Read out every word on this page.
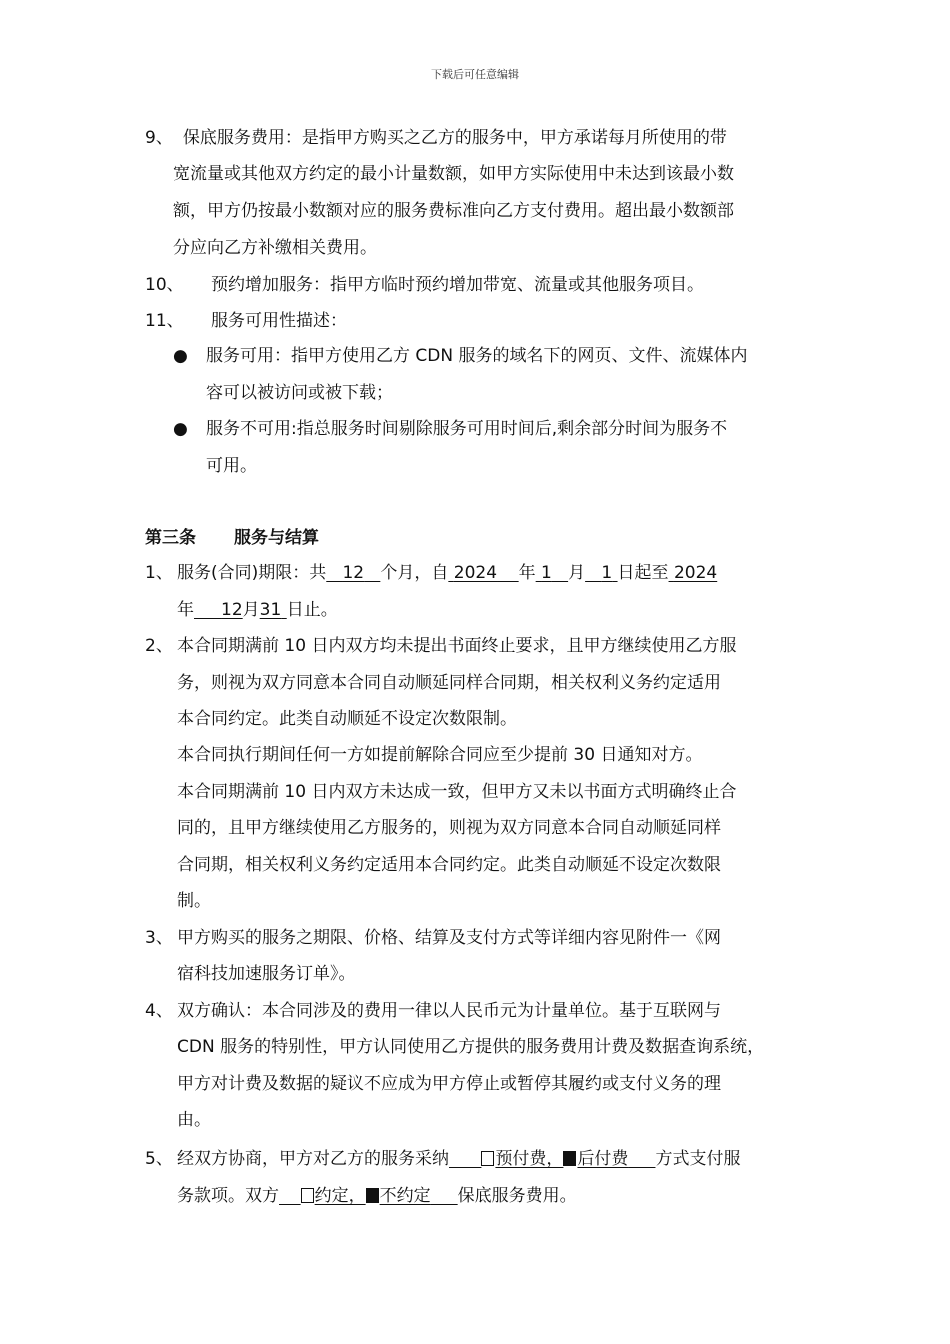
下载后可任意编辑
9、 保底服务费用：是指甲方购买之乙方的服务中，甲方承诺每月所使用的带
宽流量或其他双方约定的最小计量数额，如甲方实际使用中未达到该最小数
额，甲方仍按最小数额对应的服务费标准向乙方支付费用。超出最小数额部
分应向乙方补缴相关费用。
10、 预约增加服务：指甲方临时预约增加带宽、流量或其他服务项目。
11、 服务可用性描述：
● 服务可用：指甲方使用乙方 CDN 服务的域名下的网页、文件、流媒体内
容可以被访问或被下载；
● 服务不可用:指总服务时间剔除服务可用时间后,剩余部分时间为服务不
可用。
第三条 服务与结算
1、 服务(合同)期限：共 12 个月，自 2024 年 1 月 1 日起至 2024
年 12月31 日止。
2、 本合同期满前 10 日内双方均未提出书面终止要求，且甲方继续使用乙方服
务，则视为双方同意本合同自动顺延同样合同期，相关权利义务约定适用
本合同约定。此类自动顺延不设定次数限制。
本合同执行期间任何一方如提前解除合同应至少提前 30 日通知对方。
本合同期满前 10 日内双方未达成一致，但甲方又未以书面方式明确终止合
同的，且甲方继续使用乙方服务的，则视为双方同意本合同自动顺延同样
合同期，相关权利义务约定适用本合同约定。此类自动顺延不设定次数限
制。
3、 甲方购买的服务之期限、价格、结算及支付方式等详细内容见附件一《网
宿科技加速服务订单》。
4、 双方确认：本合同涉及的费用一律以人民币元为计量单位。基于互联网与
CDN 服务的特别性，甲方认同使用乙方提供的服务费用计费及数据查询系统，
甲方对计费及数据的疑议不应成为甲方停止或暂停其履约或支付义务的理
由。
5、 经双方协商，甲方对乙方的服务采纳	预付费， 后付费 方式支付服
务款项。双方 约定， 不约定 保底服务费用。
